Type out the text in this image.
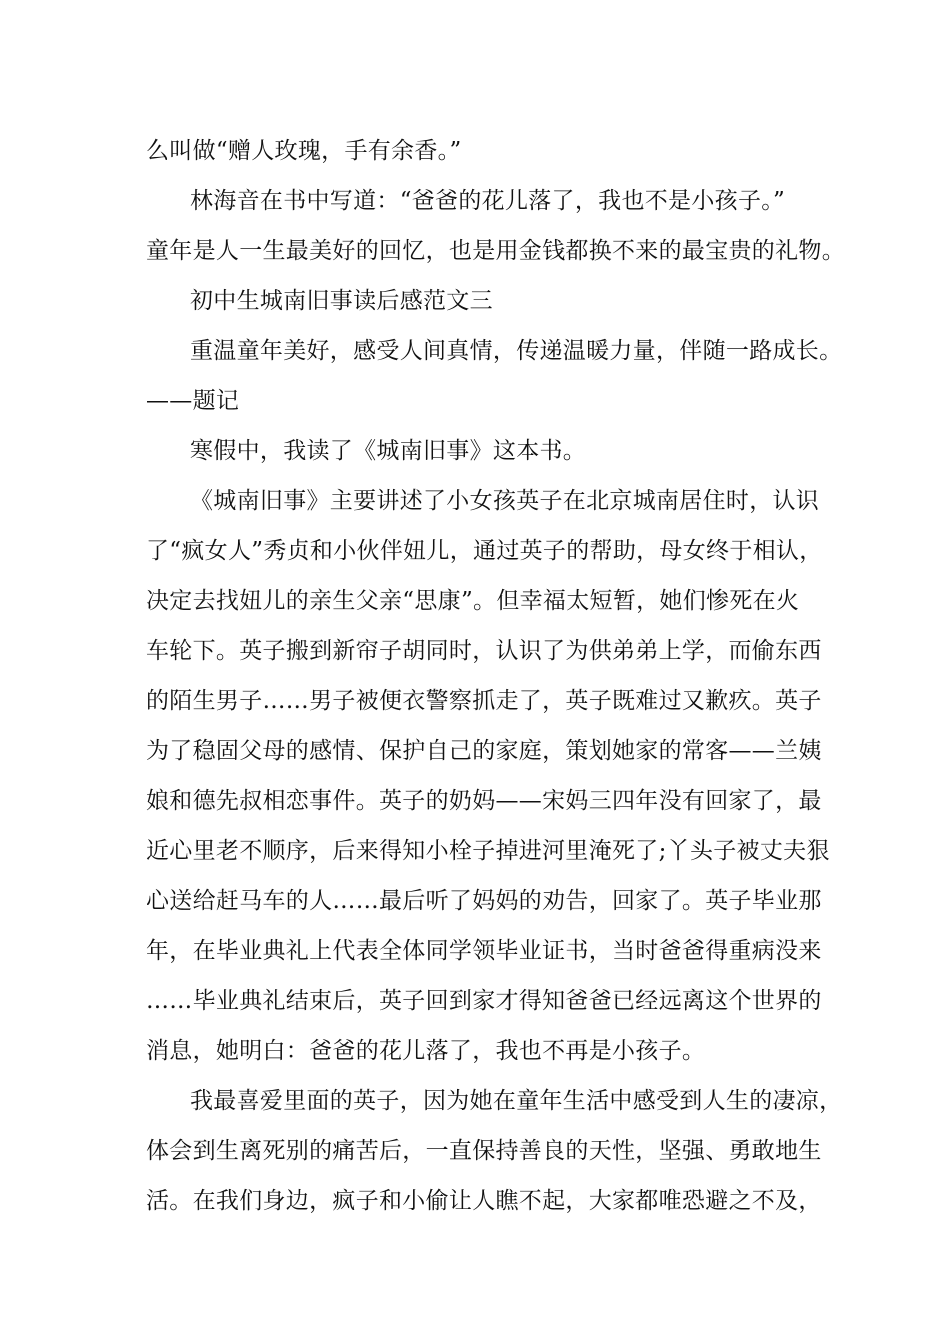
么叫做“赠人玫瑰，手有余香。”
林海音在书中写道：“爸爸的花儿落了，我也不是小孩子。”
童年是人一生最美好的回忆，也是用金钱都换不来的最宝贵的礼物。
初中生城南旧事读后感范文三
重温童年美好，感受人间真情，传递温暖力量，伴随一路成长。
——题记
寒假中，我读了《城南旧事》这本书。
《城南旧事》主要讲述了小女孩英子在北京城南居住时，认识
了“疯女人”秀贞和小伙伴妞儿，通过英子的帮助，母女终于相认，
决定去找妞儿的亲生父亲“思康”。但幸福太短暂，她们惨死在火
车轮下。英子搬到新帘子胡同时，认识了为供弟弟上学，而偷东西
的陌生男子……男子被便衣警察抓走了，英子既难过又歉疚。英子
为了稳固父母的感情、保护自己的家庭，策划她家的常客——兰姨
娘和德先叔相恋事件。英子的奶妈——宋妈三四年没有回家了，最
近心里老不顺序，后来得知小栓子掉进河里淹死了;丫头子被丈夫狠
心送给赶马车的人……最后听了妈妈的劝告，回家了。英子毕业那
年，在毕业典礼上代表全体同学领毕业证书，当时爸爸得重病没来
……毕业典礼结束后，英子回到家才得知爸爸已经远离这个世界的
消息，她明白：爸爸的花儿落了，我也不再是小孩子。
我最喜爱里面的英子，因为她在童年生活中感受到人生的凄凉，
体会到生离死别的痛苦后，一直保持善良的天性，坚强、勇敢地生
活。在我们身边，疯子和小偷让人瞧不起，大家都唯恐避之不及，
